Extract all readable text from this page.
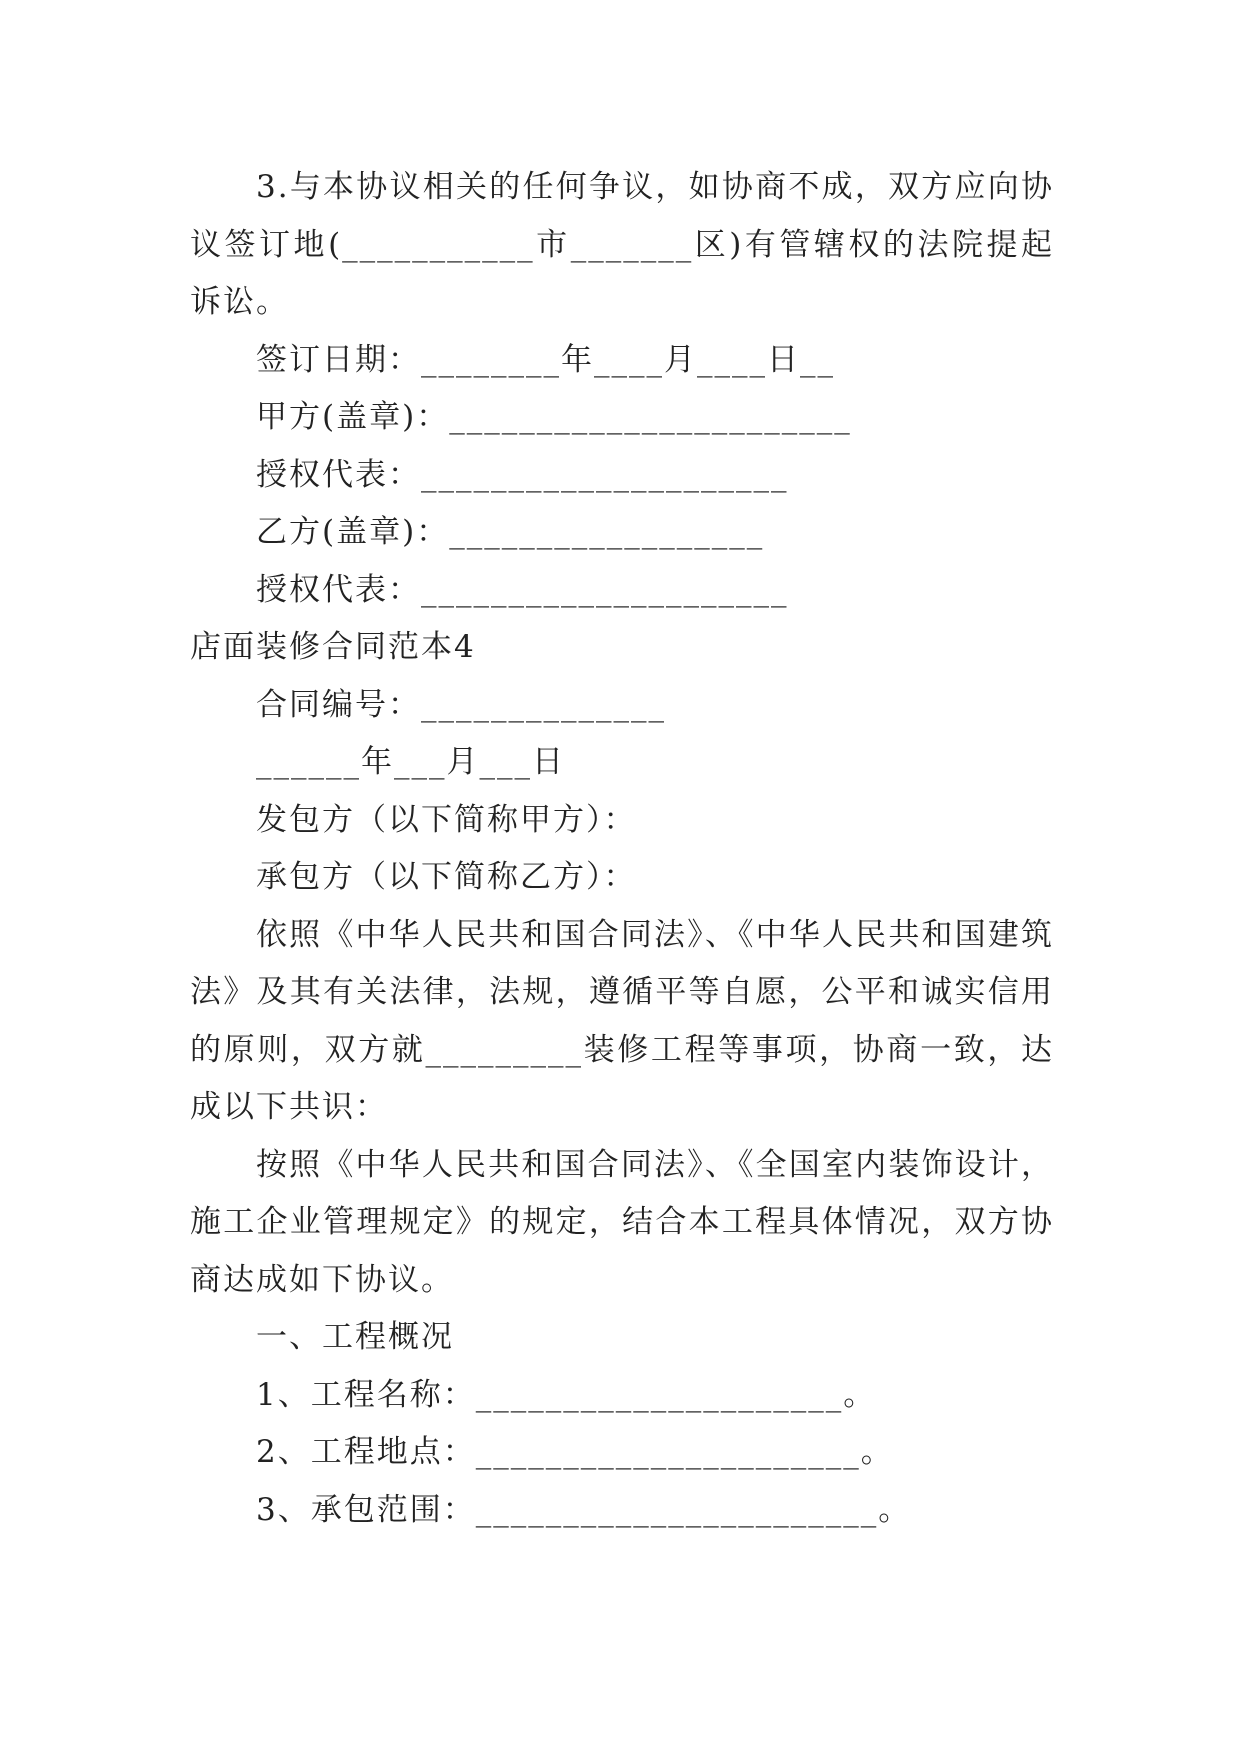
3.与本协议相关的任何争议，如协商不成，双方应向协
议签订地(___________市_______区)有管辖权的法院提起
诉讼。
签订日期：________年____月____日__
甲方(盖章)：_______________________
授权代表：_____________________
乙方(盖章)：__________________
授权代表：_____________________
店面装修合同范本4
合同编号：______________
______年___月___日
发包方（以下简称甲方）：
承包方（以下简称乙方）：
依照《中华人民共和国合同法》、《中华人民共和国建筑
法》及其有关法律，法规，遵循平等自愿，公平和诚实信用
的原则，双方就_________装修工程等事项，协商一致，达
成以下共识：
按照《中华人民共和国合同法》、《全国室内装饰设计，
施工企业管理规定》的规定，结合本工程具体情况，双方协
商达成如下协议。
一、工程概况
1、工程名称：_____________________。
2、工程地点：______________________。
3、承包范围：_______________________。
